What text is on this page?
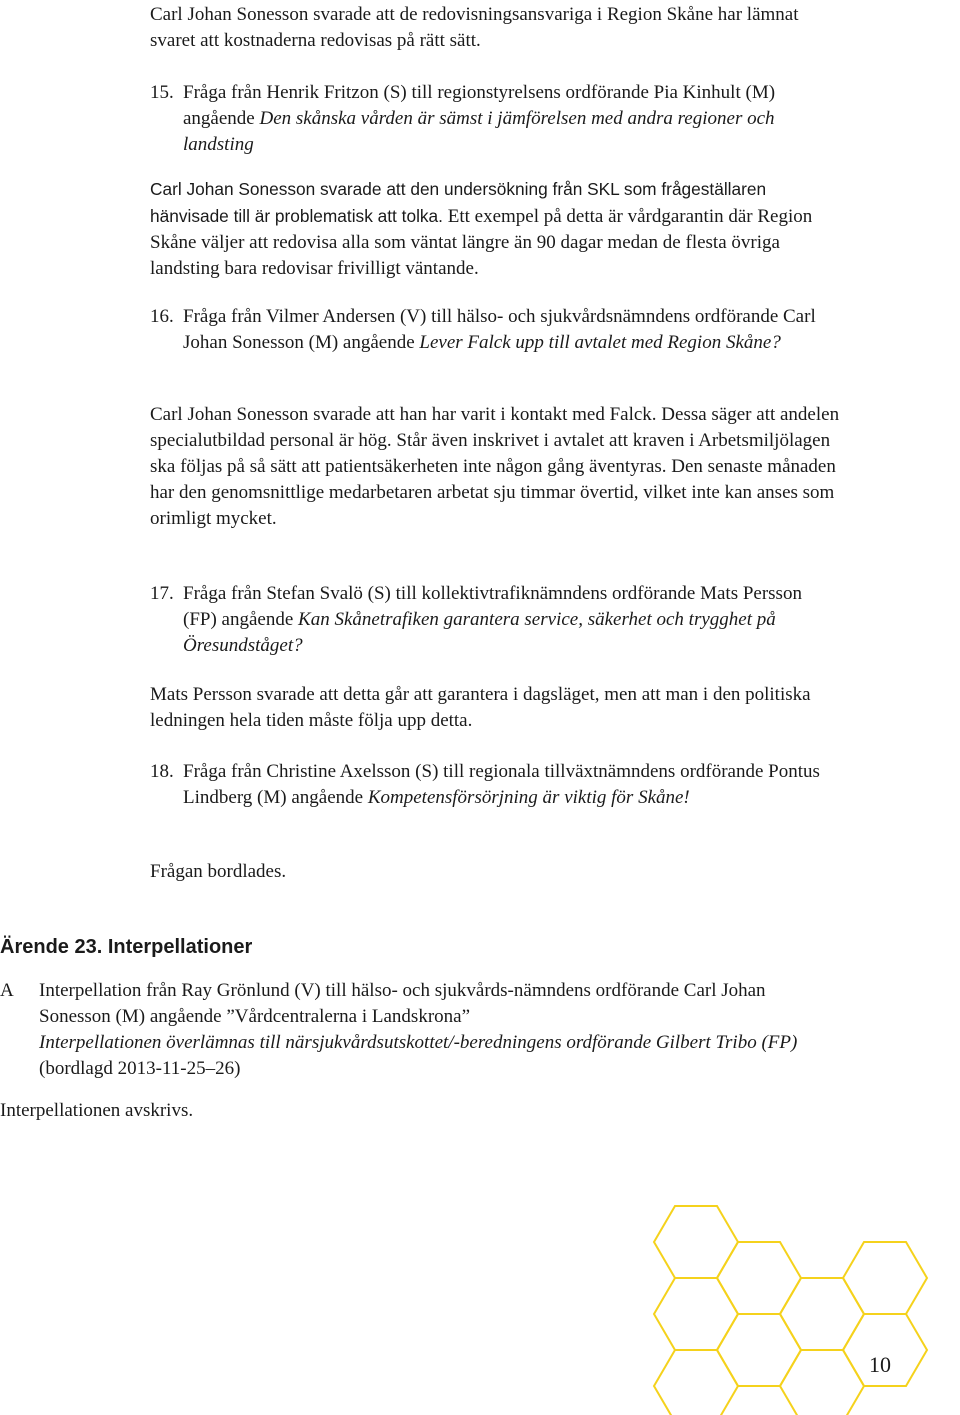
Carl Johan Sonesson svarade att de redovisningsansvariga i Region Skåne har lämnat svaret att kostnaderna redovisas på rätt sätt.
15. Fråga från Henrik Fritzon (S) till regionstyrelsens ordförande Pia Kinhult (M) angående Den skånska vården är sämst i jämförelsen med andra regioner och landsting
Carl Johan Sonesson svarade att den undersökning från SKL som frågeställaren hänvisade till är problematisk att tolka. Ett exempel på detta är vårdgarantin där Region Skåne väljer att redovisa alla som väntat längre än 90 dagar medan de flesta övriga landsting bara redovisar frivilligt väntande.
16. Fråga från Vilmer Andersen (V) till hälso- och sjukvårdsnämndens ordförande Carl Johan Sonesson (M) angående Lever Falck upp till avtalet med Region Skåne?
Carl Johan Sonesson svarade att han har varit i kontakt med Falck. Dessa säger att andelen specialutbildad personal är hög. Står även inskrivet i avtalet att kraven i Arbetsmiljölagen ska följas på så sätt att patientsäkerheten inte någon gång äventyras. Den senaste månaden har den genomsnittlige medarbetaren arbetat sju timmar övertid, vilket inte kan anses som orimligt mycket.
17. Fråga från Stefan Svalö (S) till kollektivtrafiknämndens ordförande Mats Persson (FP) angående Kan Skånetrafiken garantera service, säkerhet och trygghet på Öresundståget?
Mats Persson svarade att detta går att garantera i dagsläget, men att man i den politiska ledningen hela tiden måste följa upp detta.
18. Fråga från Christine Axelsson (S) till regionala tillväxtnämndens ordförande Pontus Lindberg (M) angående Kompetensförsörjning är viktig för Skåne!
Frågan bordlades.
Ärende 23. Interpellationer
A	Interpellation från Ray Grönlund (V) till hälso- och sjukvårds-nämndens ordförande Carl Johan Sonesson (M) angående ”Vårdcentralerna i Landskrona”
Interpellationen överlämnas till närsjukvårdsutskottet/-beredningens ordförande Gilbert Tribo (FP) (bordlagd 2013-11-25–26)
Interpellationen avskrivs.
10
